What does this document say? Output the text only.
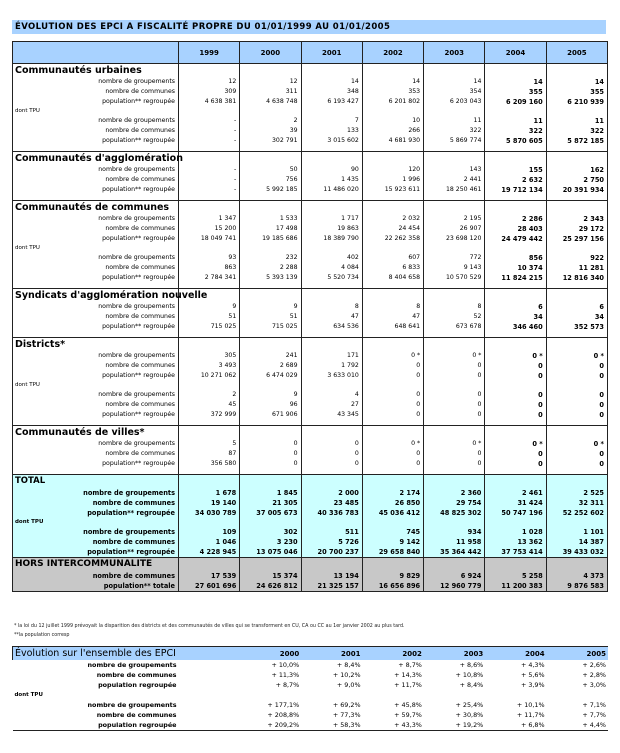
ÉVOLUTION DES EPCI A FISCALITÉ PROPRE DU 01/01/1999 AU 01/01/2005
	1999	2000	2001	2002	2003	2004	2005
Communautés urbaines							
nombre de groupements	12	12	14	14	14	14	14
nombre de communes	309	311	348	353	354	355	355
population** regroupée	4 638 381	4 638 748	6 193 427	6 201 802	6 203 043	6 209 160	6 210 939
dont TPU							
nombre de groupements	-	2	7	10	11	11	11
nombre de communes	-	39	133	266	322	322	322
population** regroupée	-	302 791	3 015 602	4 681 930	5 869 774	5 870 605	5 872 185

Communautés d'agglomération							
nombre de groupements	-	50	90	120	143	155	162
nombre de communes	-	756	1 435	1 996	2 441	2 632	2 750
population** regroupée	-	5 992 185	11 486 020	15 923 611	18 250 461	19 712 134	20 391 934

Communautés de communes							
nombre de groupements	1 347	1 533	1 717	2 032	2 195	2 286	2 343
nombre de communes	15 200	17 498	19 863	24 454	26 907	28 403	29 172
population** regroupée	18 049 741	19 185 686	18 389 790	22 262 358	23 698 120	24 479 442	25 297 156
dont TPU							
nombre de groupements	93	232	402	607	772	856	922
nombre de communes	863	2 288	4 084	6 833	9 143	10 374	11 281
population** regroupée	2 784 341	5 393 139	5 520 734	8 404 658	10 570 529	11 824 215	12 816 340

Syndicats d'agglomération nouvelle							
nombre de groupements	9	9	8	8	8	6	6
nombre de communes	51	51	47	47	52	34	34
population** regroupée	715 025	715 025	634 536	648 641	673 678	346 460	352 573

Districts*							
nombre de groupements	305	241	171	0 *	0 *	0 *	0 *
nombre de communes	3 493	2 689	1 792	0	0	0	0
population** regroupée	10 271 062	6 474 029	3 633 010	0	0	0	0
dont TPU							
nombre de groupements	2	9	4	0	0	0	0
nombre de communes	45	96	27	0	0	0	0
population** regroupée	372 999	671 906	43 345	0	0	0	0

Communautés de villes*							
nombre de groupements	5	0	0	0 *	0 *	0 *	0 *
nombre de communes	87	0	0	0	0	0	0
population** regroupée	356 580	0	0	0	0	0	0

TOTAL							
nombre de groupements	1 678	1 845	2 000	2 174	2 360	2 461	2 525
nombre de communes	19 140	21 305	23 485	26 850	29 754	31 424	32 311
population** regroupée	34 030 789	37 005 673	40 336 783	45 036 412	48 825 302	50 747 196	52 252 602
dont TPU							
nombre de groupements	109	302	511	745	934	1 028	1 101
nombre de communes	1 046	3 230	5 726	9 142	11 958	13 362	14 387
population** regroupée	4 228 945	13 075 046	20 700 237	29 658 840	35 364 442	37 753 414	39 433 032
HORS INTERCOMMUNALITE							
nombre de communes	17 539	15 374	13 194	9 829	6 924	5 258	4 373
population** totale	27 601 696	24 626 812	21 325 157	16 656 896	12 960 779	11 200 383	9 876 583
* la loi du 12 juillet 1999 prévoyait la disparition des districts et des communautés de villes qui se transforment en CU, CA ou CC au 1er janvier 2002 au plus tard.
**la population corresp
Évolution sur l'ensemble des EPCI		2000	2001	2002	2003	2004	2005
nombre de groupements		+ 10,0%	+ 8,4%	+ 8,7%	+ 8,6%	+ 4,3%	+ 2,6%
nombre de communes		+ 11,3%	+ 10,2%	+ 14,3%	+ 10,8%	+ 5,6%	+ 2,8%
population regroupée		+ 8,7%	+ 9,0%	+ 11,7%	+ 8,4%	+ 3,9%	+ 3,0%
dont TPU							
nombre de groupements		+ 177,1%	+ 69,2%	+ 45,8%	+ 25,4%	+ 10,1%	+ 7,1%
nombre de communes		+ 208,8%	+ 77,3%	+ 59,7%	+ 30,8%	+ 11,7%	+ 7,7%
population regroupée		+ 209,2%	+ 58,3%	+ 43,3%	+ 19,2%	+ 6,8%	+ 4,4%
